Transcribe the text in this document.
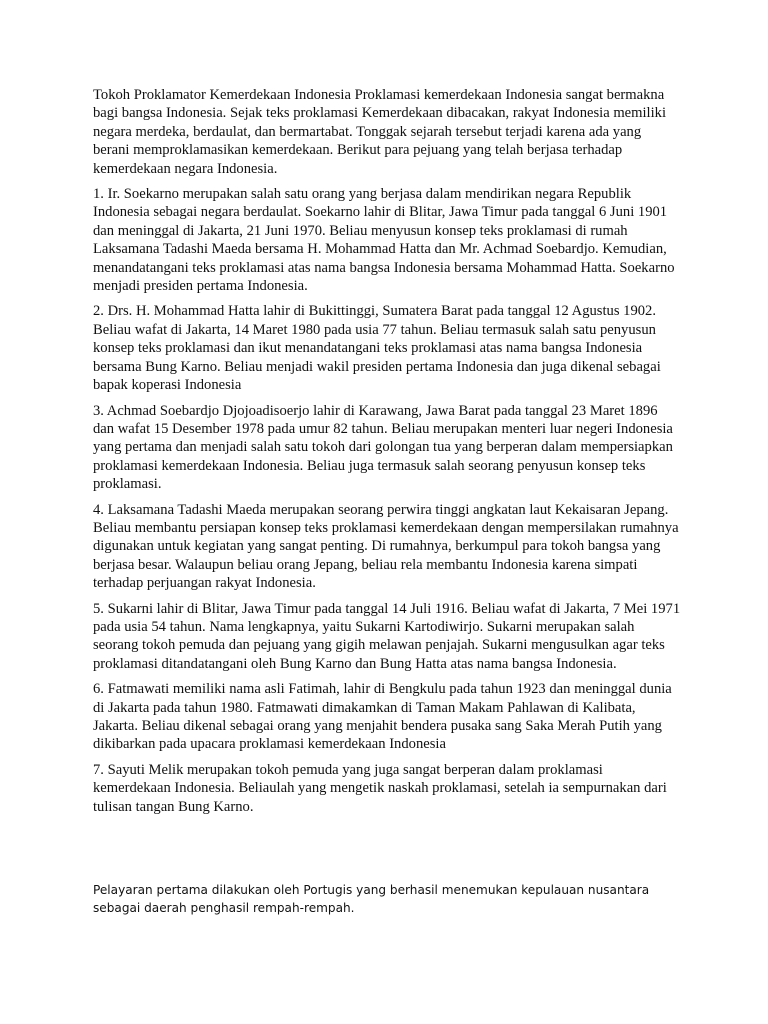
Tokoh Proklamator Kemerdekaan Indonesia Proklamasi kemerdekaan Indonesia sangat bermakna bagi bangsa Indonesia. Sejak teks proklamasi Kemerdekaan dibacakan, rakyat Indonesia memiliki negara merdeka, berdaulat, dan bermartabat. Tonggak sejarah tersebut terjadi karena ada yang berani memproklamasikan kemerdekaan. Berikut para pejuang yang telah berjasa terhadap kemerdekaan negara Indonesia.

1. Ir. Soekarno merupakan salah satu orang yang berjasa dalam mendirikan negara Republik Indonesia sebagai negara berdaulat. Soekarno lahir di Blitar, Jawa Timur pada tanggal 6 Juni 1901 dan meninggal di Jakarta, 21 Juni 1970. Beliau menyusun konsep teks proklamasi di rumah Laksamana Tadashi Maeda bersama H. Mohammad Hatta dan Mr. Achmad Soebardjo. Kemudian, menandatangani teks proklamasi atas nama bangsa Indonesia bersama Mohammad Hatta. Soekarno menjadi presiden pertama Indonesia.

2. Drs. H. Mohammad Hatta lahir di Bukittinggi, Sumatera Barat pada tanggal 12 Agustus 1902. Beliau wafat di Jakarta, 14 Maret 1980 pada usia 77 tahun. Beliau termasuk salah satu penyusun konsep teks proklamasi dan ikut menandatangani teks proklamasi atas nama bangsa Indonesia bersama Bung Karno. Beliau menjadi wakil presiden pertama Indonesia dan juga dikenal sebagai bapak koperasi Indonesia

3. Achmad Soebardjo Djojoadisoerjo lahir di Karawang, Jawa Barat pada tanggal 23 Maret 1896 dan wafat 15 Desember 1978 pada umur 82 tahun. Beliau merupakan menteri luar negeri Indonesia yang pertama dan menjadi salah satu tokoh dari golongan tua yang berperan dalam mempersiapkan proklamasi kemerdekaan Indonesia. Beliau juga termasuk salah seorang penyusun konsep teks proklamasi.

4. Laksamana Tadashi Maeda merupakan seorang perwira tinggi angkatan laut Kekaisaran Jepang. Beliau membantu persiapan konsep teks proklamasi kemerdekaan dengan mempersilakan rumahnya digunakan untuk kegiatan yang sangat penting. Di rumahnya, berkumpul para tokoh bangsa yang berjasa besar. Walaupun beliau orang Jepang, beliau rela membantu Indonesia karena simpati terhadap perjuangan rakyat Indonesia.

5. Sukarni lahir di Blitar, Jawa Timur pada tanggal 14 Juli 1916. Beliau wafat di Jakarta, 7 Mei 1971 pada usia 54 tahun. Nama lengkapnya, yaitu Sukarni Kartodiwirjo. Sukarni merupakan salah seorang tokoh pemuda dan pejuang yang gigih melawan penjajah. Sukarni mengusulkan agar teks proklamasi ditandatangani oleh Bung Karno dan Bung Hatta atas nama bangsa Indonesia.

6. Fatmawati memiliki nama asli Fatimah, lahir di Bengkulu pada tahun 1923 dan meninggal dunia di Jakarta pada tahun 1980. Fatmawati dimakamkan di Taman Makam Pahlawan di Kalibata, Jakarta. Beliau dikenal sebagai orang yang menjahit bendera pusaka sang Saka Merah Putih yang dikibarkan pada upacara proklamasi kemerdekaan Indonesia

7. Sayuti Melik merupakan tokoh pemuda yang juga sangat berperan dalam proklamasi kemerdekaan Indonesia. Beliaulah yang mengetik naskah proklamasi, setelah ia sempurnakan dari tulisan tangan Bung Karno.

Pelayaran pertama dilakukan oleh Portugis yang berhasil menemukan kepulauan nusantara sebagai daerah penghasil rempah-rempah.
